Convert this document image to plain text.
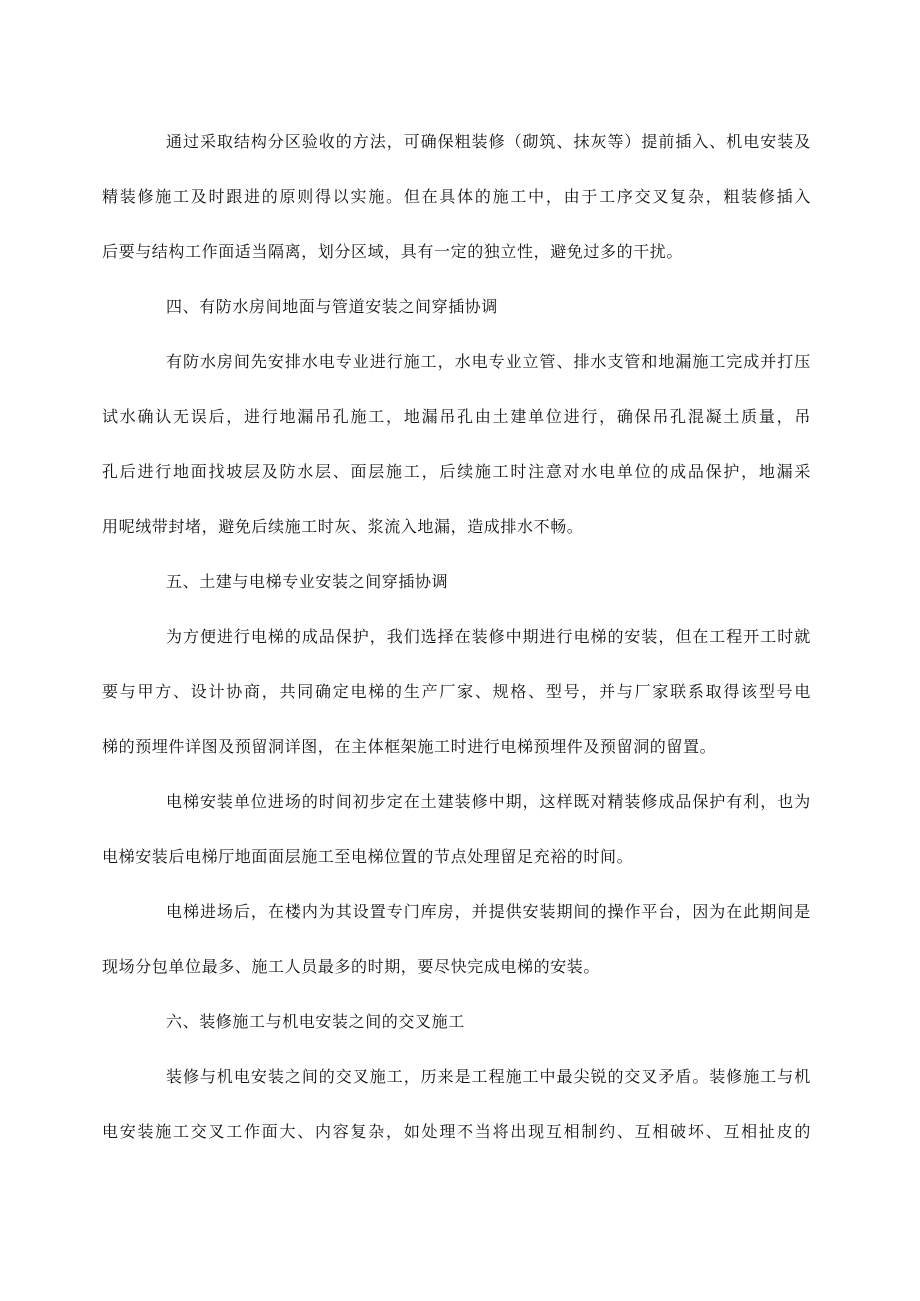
通过采取结构分区验收的方法，可确保粗装修（砌筑、抹灰等）提前插入、机电安装及
精装修施工及时跟进的原则得以实施。但在具体的施工中，由于工序交叉复杂，粗装修插入
后要与结构工作面适当隔离，划分区域，具有一定的独立性，避免过多的干扰。
四、有防水房间地面与管道安装之间穿插协调
有防水房间先安排水电专业进行施工，水电专业立管、排水支管和地漏施工完成并打压
试水确认无误后，进行地漏吊孔施工，地漏吊孔由土建单位进行，确保吊孔混凝土质量，吊
孔后进行地面找坡层及防水层、面层施工，后续施工时注意对水电单位的成品保护，地漏采
用呢绒带封堵，避免后续施工时灰、浆流入地漏，造成排水不畅。
五、土建与电梯专业安装之间穿插协调
为方便进行电梯的成品保护，我们选择在装修中期进行电梯的安装，但在工程开工时就
要与甲方、设计协商，共同确定电梯的生产厂家、规格、型号，并与厂家联系取得该型号电
梯的预埋件详图及预留洞详图，在主体框架施工时进行电梯预埋件及预留洞的留置。
电梯安装单位进场的时间初步定在土建装修中期，这样既对精装修成品保护有利，也为
电梯安装后电梯厅地面面层施工至电梯位置的节点处理留足充裕的时间。
电梯进场后，在楼内为其设置专门库房，并提供安装期间的操作平台，因为在此期间是
现场分包单位最多、施工人员最多的时期，要尽快完成电梯的安装。
六、装修施工与机电安装之间的交叉施工
装修与机电安装之间的交叉施工，历来是工程施工中最尖锐的交叉矛盾。装修施工与机
电安装施工交叉工作面大、内容复杂，如处理不当将出现互相制约、互相破坏、互相扯皮的
